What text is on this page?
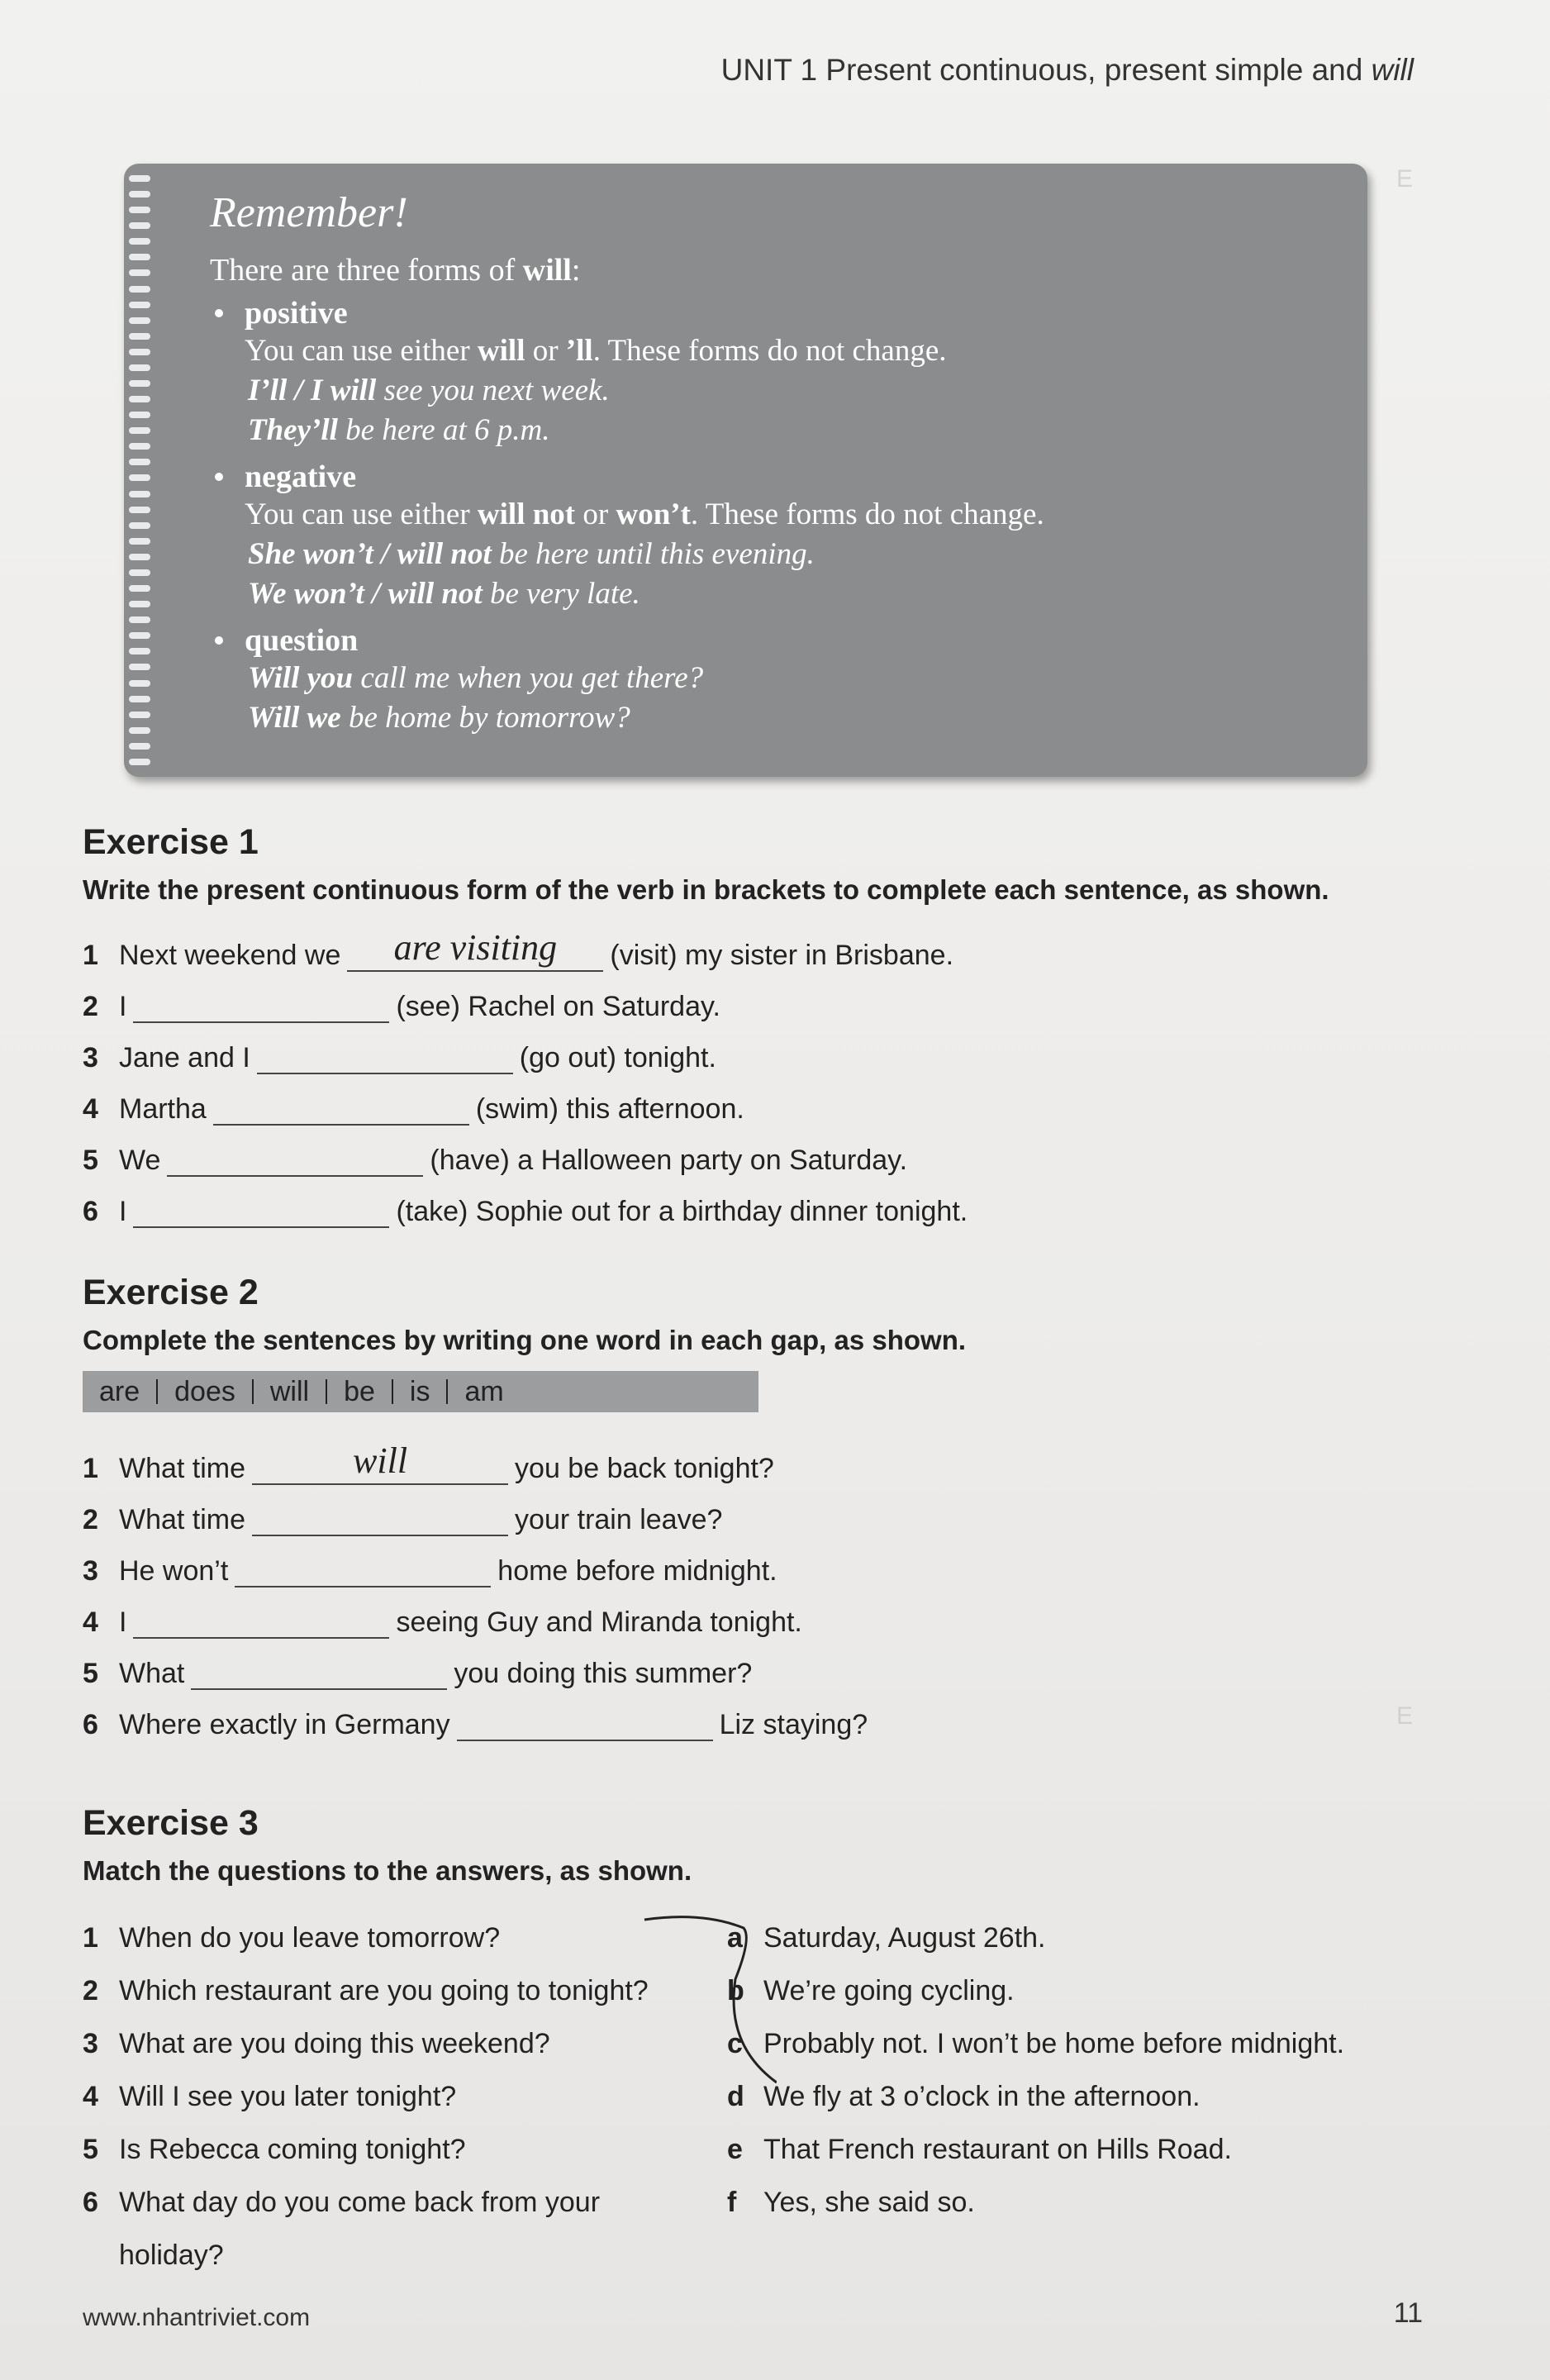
E
E
UNIT 1 Present continuous, present simple and will
Remember!
There are three forms of will:
positive
You can use either will or ’ll. These forms do not change.
I’ll / I will see you next week.
They’ll be here at 6 p.m.
negative
You can use either will not or won’t. These forms do not change.
She won’t / will not be here until this evening.
We won’t / will not be very late.
question
Will you call me when you get there?
Will we be home by tomorrow?
Exercise 1
Write the present continuous form of the verb in brackets to complete each sentence, as shown.
1 Next weekend we	are visiting	(visit) my sister in Brisbane.
2 I	(see) Rachel on Saturday.
3 Jane and I	(go out) tonight.
4 Martha	(swim) this afternoon.
5 We	(have) a Halloween party on Saturday.
6 I	(take) Sophie out for a birthday dinner tonight.
Exercise 2
Complete the sentences by writing one word in each gap, as shown.
are	does	will	be	is	am
1 What time	will	you be back tonight?
2 What time	your train leave?
3 He won’t	home before midnight.
4 I	seeing Guy and Miranda tonight.
5 What	you doing this summer?
6 Where exactly in Germany	Liz staying?
Exercise 3
Match the questions to the answers, as shown.
1 When do you leave tomorrow?	a Saturday, August 26th.
2 Which restaurant are you going to tonight?	b We’re going cycling.
3 What are you doing this weekend?	c Probably not. I won’t be home before midnight.
4 Will I see you later tonight?	d We fly at 3 o’clock in the afternoon.
5 Is Rebecca coming tonight?	e That French restaurant on Hills Road.
6 What day do you come back from your	f Yes, she said so.
holiday?
www.nhantriviet.com	11
